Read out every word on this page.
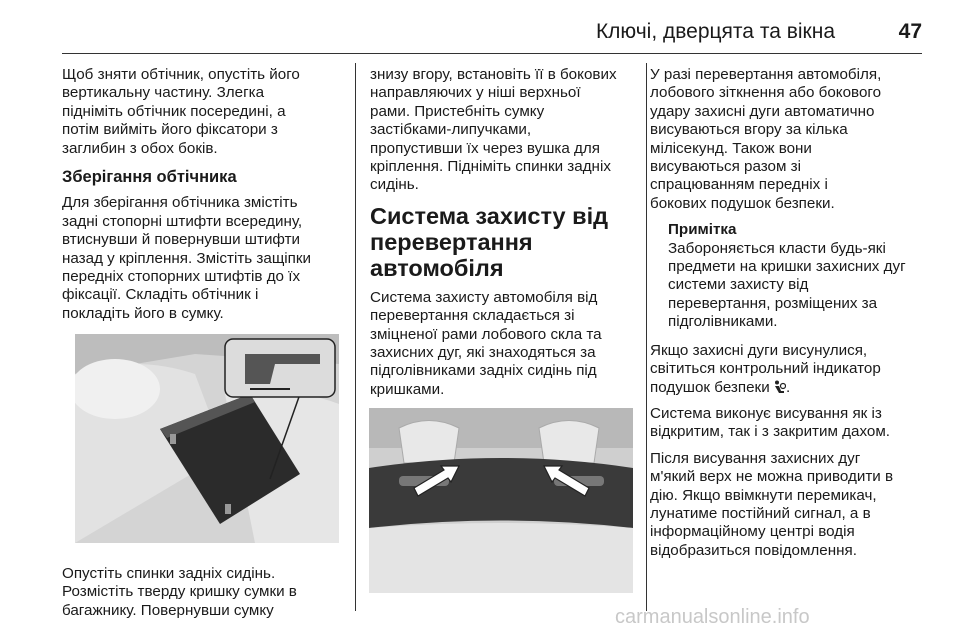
Ключі, дверцята та вікна	47

Щоб зняти обтічник, опустіть його
вертикальну частину. Злегка
підніміть обтічник посередині, а
потім вийміть його фіксатори з
заглибин з обох боків.

Зберігання обтічника

Для зберігання обтічника змістіть
задні стопорні штифти всередину,
втиснувши й повернувши штифти
назад у кріплення. Змістіть защіпки
передніх стопорних штифтів до їх
фіксації. Складіть обтічник і
покладіть його в сумку.

Опустіть спинки задніх сидінь.
Розмістіть тверду кришку сумки в
багажнику. Повернувши сумку

знизу вгору, встановіть її в бокових
направляючих у ніші верхньої
рами. Пристебніть сумку
застібками-липучками,
пропустивши їх через вушка для
кріплення. Підніміть спинки задніх
сидінь.

Система захисту від
перевертання автомобіля

Система захисту автомобіля від
перевертання складається зі
зміцненої рами лобового скла та
захисних дуг, які знаходяться за
підголівниками задніх сидінь під
кришками.

У разі перевертання автомобіля,
лобового зіткнення або бокового
удару захисні дуги автоматично
висуваються вгору за кілька
мілісекунд. Також вони
висуваються разом зі
спрацюванням передніх і
бокових подушок безпеки.

Примітка
Забороняється класти будь-які
предмети на кришки захисних дуг
системи захисту від
перевертання, розміщених за
підголівниками.

Якщо захисні дуги висунулися,
світиться контрольний індикатор
подушок безпеки .

Система виконує висування як із
відкритим, так і з закритим дахом.

Після висування захисних дуг
м'який верх не можна приводити в
дію. Якщо ввімкнути перемикач,
лунатиме постійний сигнал, а в
інформаційному центрі водія
відобразиться повідомлення.

carmanualsonline.info
